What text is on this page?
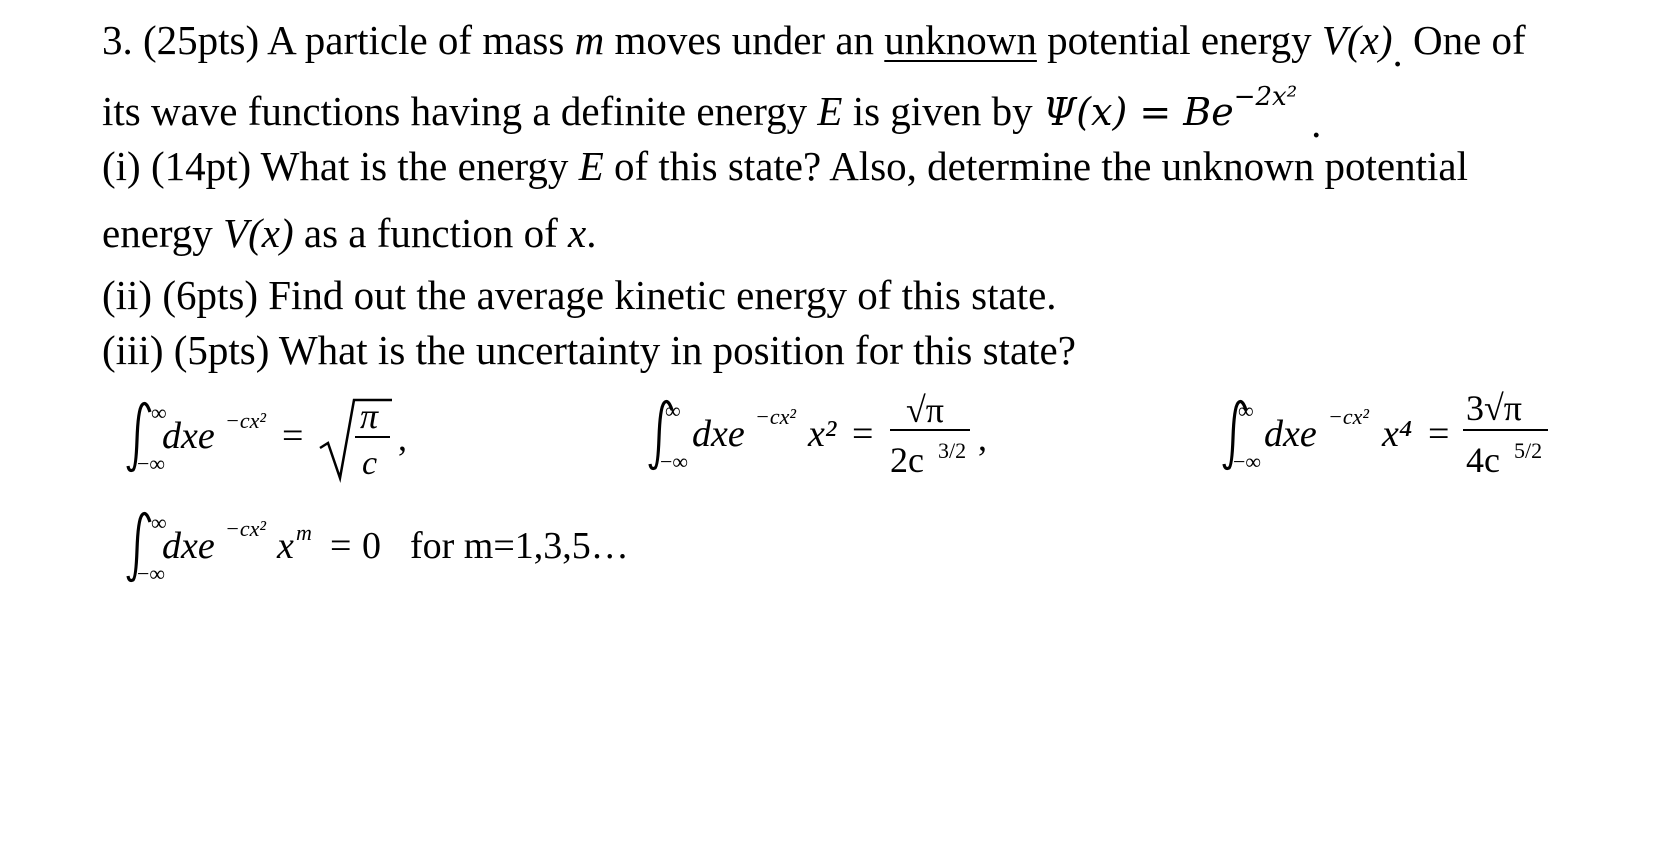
3. (25pts) A particle of mass m moves under an unknown potential energy V(x). One of
its wave functions having a definite energy E is given by $\Psi(x) = Be^{-2x^2}$.
(i) (14pt) What is the energy E of this state? Also, determine the unknown potential
energy V(x) as a function of x.
(ii) (6pts) Find out the average kinetic energy of this state.
(iii) (5pts) What is the uncertainty in position for this state?
∞
−∞
dxe −cx² = π
c
,
∞
−∞
dxe −cx² x² =
√π
2c 3/2 ,
∞
−∞
dxe −cx² x⁴ =
3√π
4c 5/2
∞
−∞
dxe −cx² x m = 0 for m=1,3,5…
